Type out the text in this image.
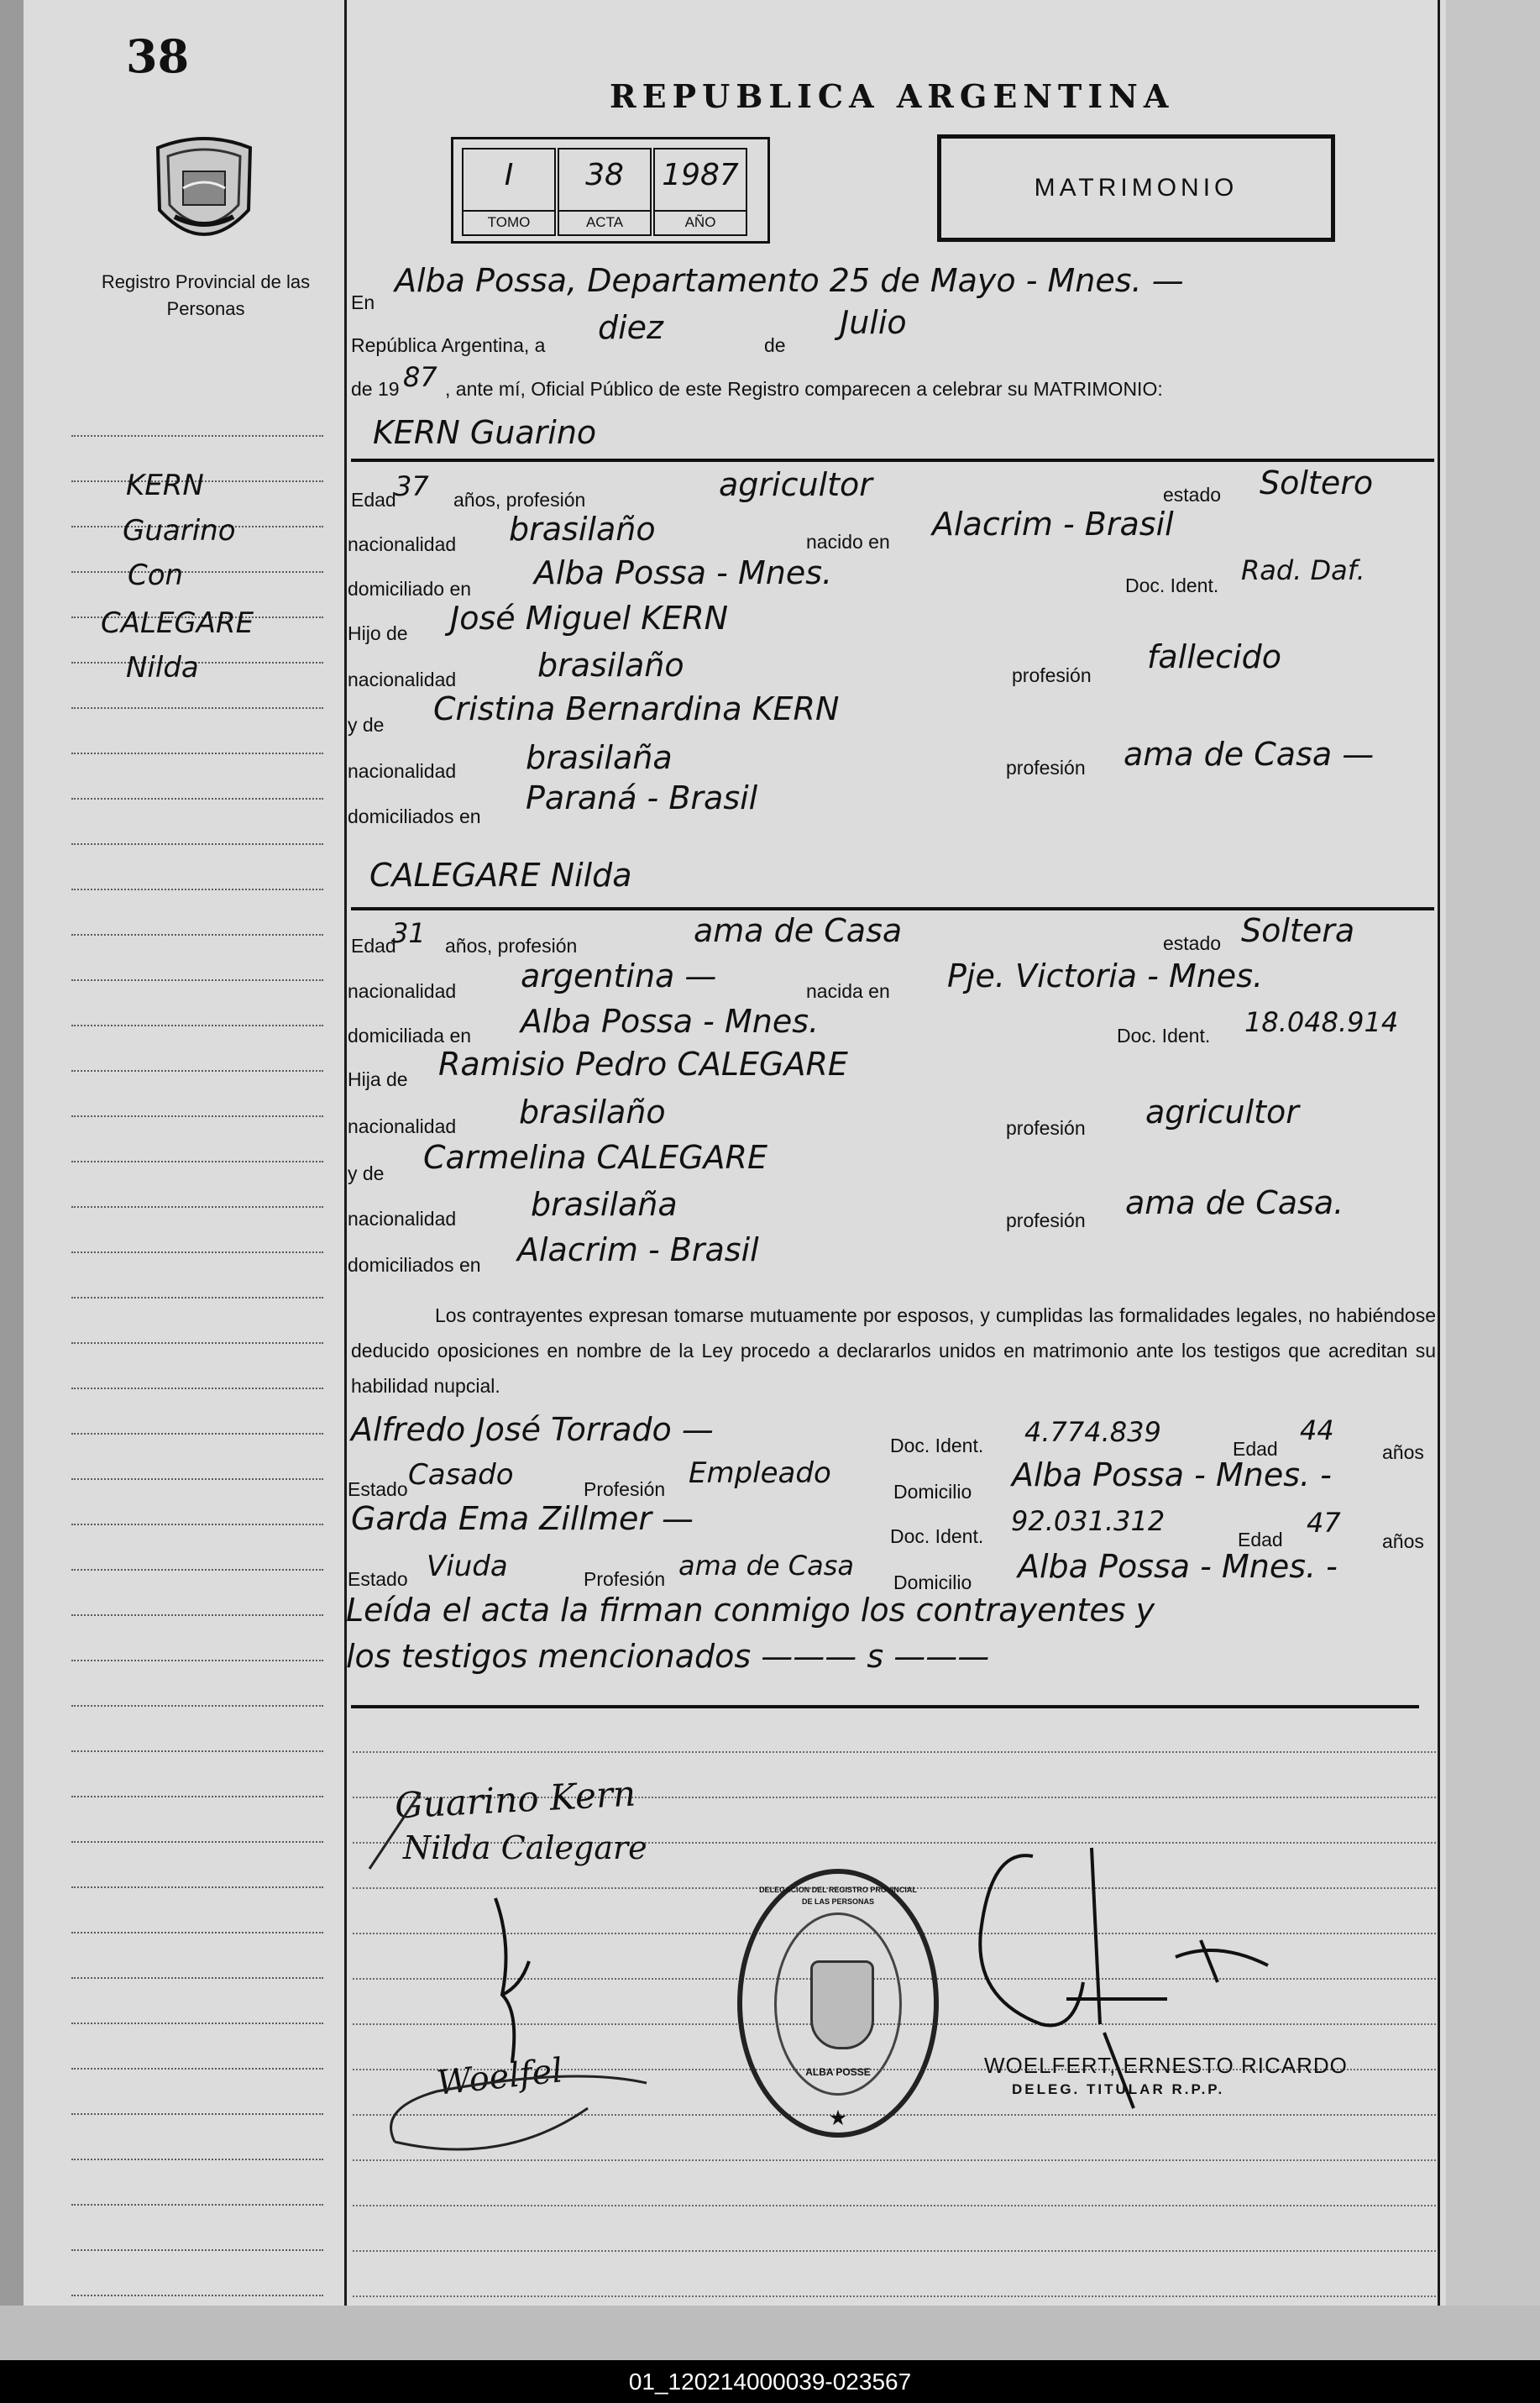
01_120214000039-023567
38
REPUBLICA ARGENTINA
Registro Provincial de las Personas
I
TOMO
38
ACTA
1987
AÑO
MATRIMONIO
KERN
Guarino
Con
CALEGARE
Nilda
En
Alba Possa, Departamento 25 de Mayo - Mnes. —
República Argentina, a diez	de
Julio
de 19 87 , ante mí, Oficial Público de este Registro comparecen a celebrar su MATRIMONIO:
KERN Guarino
Edad
37 años, profesión	agricultor	estado Soltero
nacionalidad brasilaño	nacido en Alacrim - Brasil
domiciliado en Alba Possa - Mnes.	Doc. Ident. Rad. Daf.
Hijo de José Miguel KERN
nacionalidad	brasilaño	profesión fallecido
y de Cristina Bernardina KERN
nacionalidad brasilaña	profesión ama de Casa —
domiciliados en Paraná - Brasil
CALEGARE Nilda
Edad
31 años, profesión	ama de Casa	estado Soltera
nacionalidad argentina —	nacida en Pje. Victoria - Mnes.
domiciliada en Alba Possa - Mnes.	Doc. Ident. 18.048.914
Hija de Ramisio Pedro CALEGARE
nacionalidad brasilaño	profesión agricultor
y de Carmelina CALEGARE
nacionalidad brasilaña	profesión ama de Casa.
domiciliados en Alacrim - Brasil
Los contrayentes expresan tomarse mutuamente por esposos, y cumplidas las formalidades legales, no habiéndose deducido oposiciones en nombre de la Ley procedo a declararlos unidos en matrimonio ante los testigos que acreditan su habilidad nupcial.
Alfredo José Torrado —	Doc. Ident. 4.774.839
Edad
44
años
Estado Casado	Profesión Empleado
Domicilio Alba Possa - Mnes. -
Garda Ema Zillmer —	Doc. Ident. 92.031.312
Edad
47
años
Estado Viuda	Profesión ama de Casa
Domicilio Alba Possa - Mnes. -
Leída el acta la firman conmigo los contrayentes y
los testigos mencionados ——— s ———
Guarino Kern
Nilda Calegare
Woelfel
DELEGACION DEL REGISTRO PROVINCIAL DE LAS PERSONAS
ALBA POSSE
★
WOELFERT, ERNESTO RICARDO
DELEG. TITULAR R.P.P.
